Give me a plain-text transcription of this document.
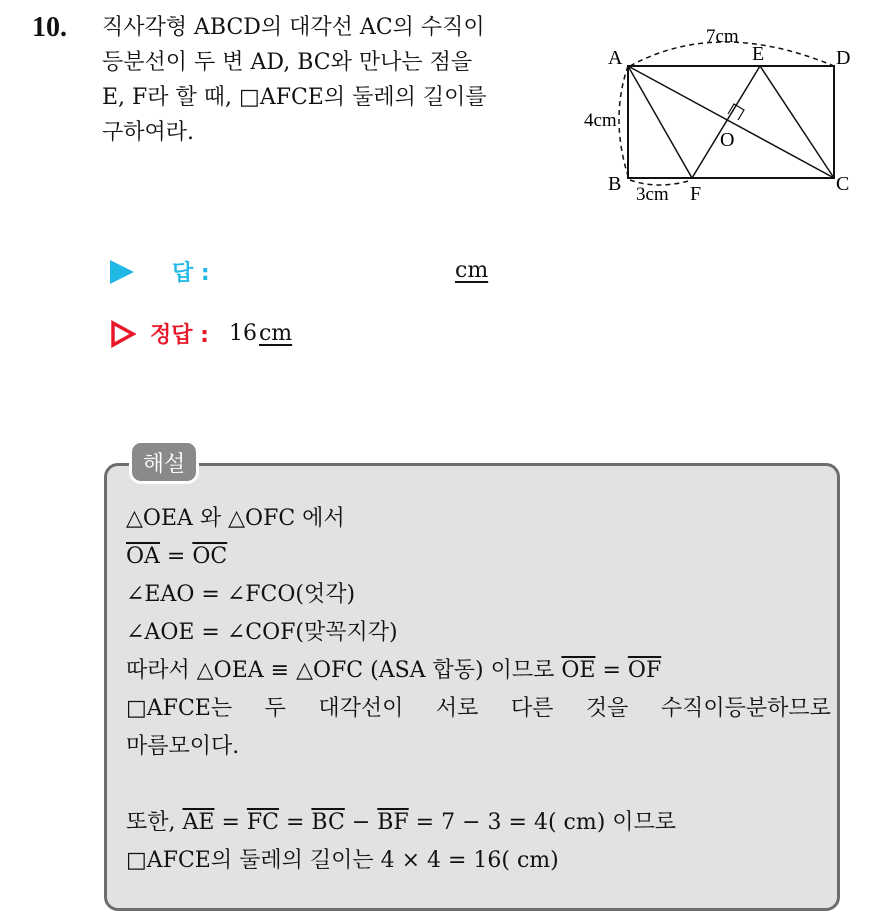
10. 직사각형 ABCD의 대각선 AC의 수직이
등분선이 두 변 AD, BC와 만나는 점을
E, F라 할 때, □AFCE의 둘레의 길이를
구하여라.
A
B	C
D
E
F
O
7cm
4cm
3cm
답 :	cm
정답 : 16 cm
해설
△OEA 와 △OFC 에서
$\overline{OA} = \overline{OC}$
∠EAO = ∠FCO(엇각)
∠AOE = ∠COF(맞꼭지각)
따라서 △OEA ≡ △OFC (ASA 합동) 이므로 $\overline{OE} = \overline{OF}$
□AFCE는 두 대각선이 서로 다른 것을 수직이등분하므로
마름모이다.
또한, $\overline{AE} = \overline{FC} = \overline{BC} - \overline{BF} = 7 - 3 = 4$( cm) 이므로
□AFCE의 둘레의 길이는 4 × 4 = 16( cm)
